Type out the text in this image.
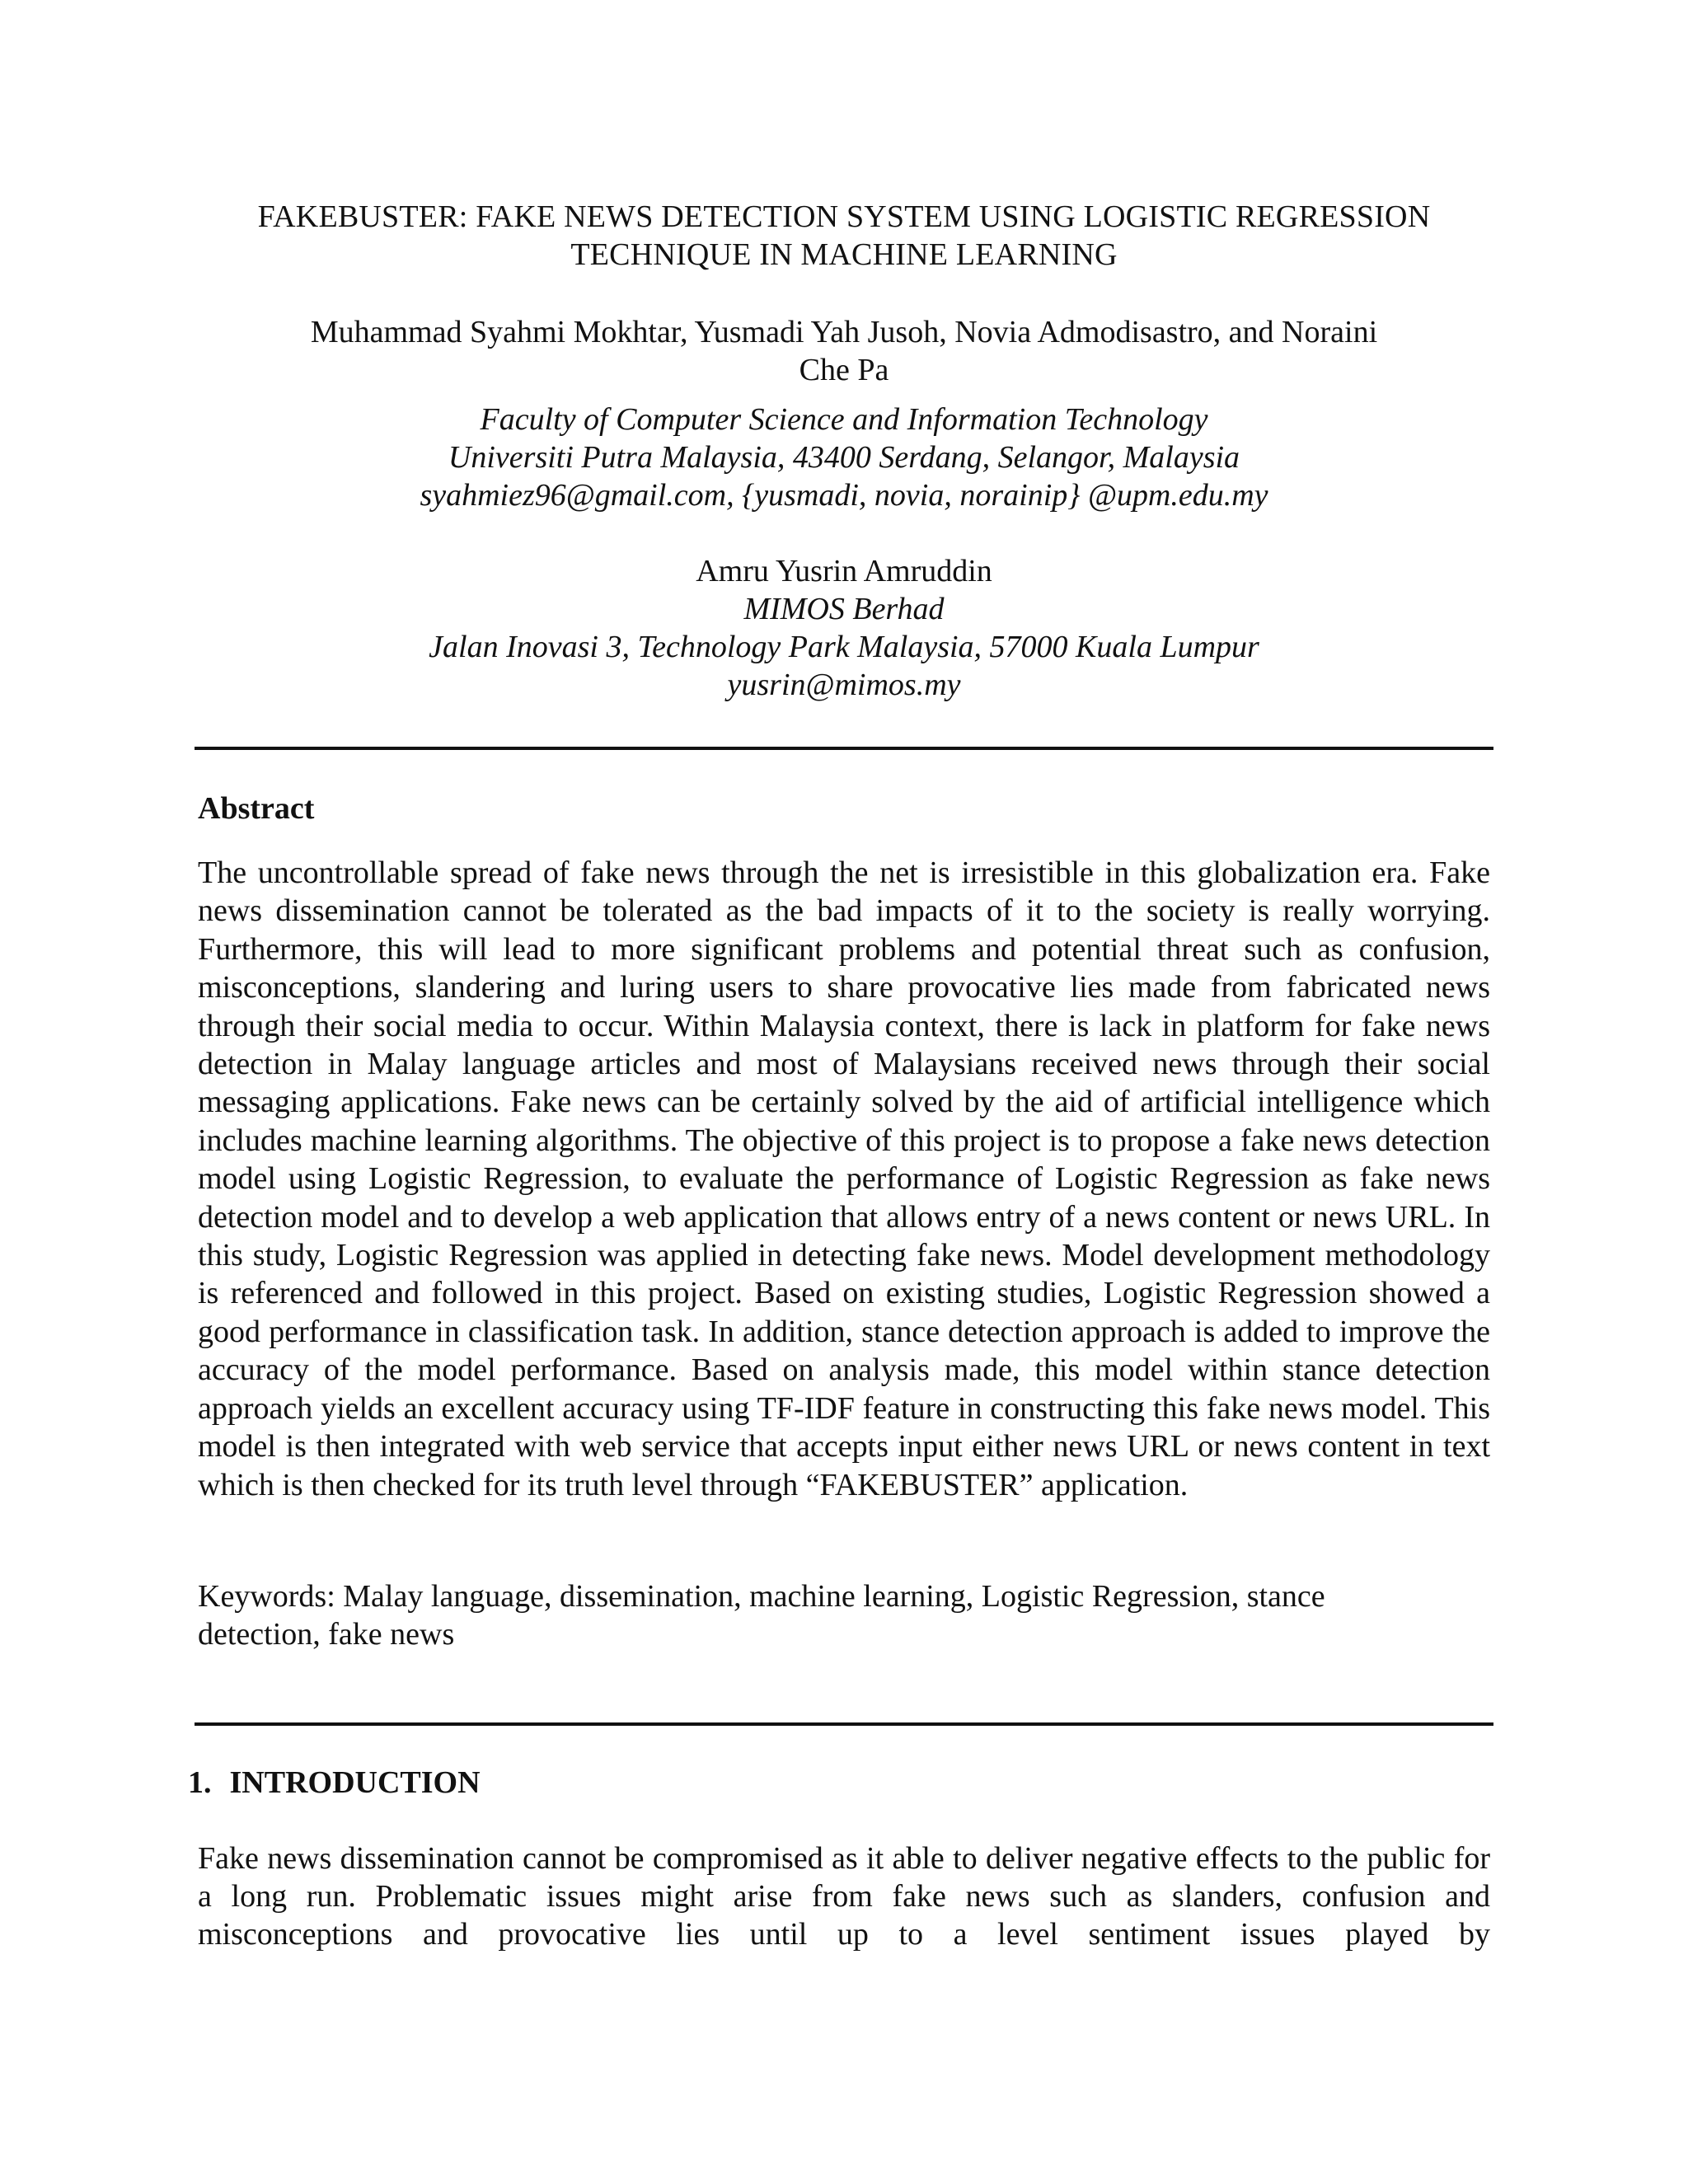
FAKEBUSTER: FAKE NEWS DETECTION SYSTEM USING LOGISTIC REGRESSION
TECHNIQUE IN MACHINE LEARNING
Muhammad Syahmi Mokhtar, Yusmadi Yah Jusoh, Novia Admodisastro, and Noraini
Che Pa
Faculty of Computer Science and Information Technology
Universiti Putra Malaysia, 43400 Serdang, Selangor, Malaysia
syahmiez96@gmail.com, {yusmadi, novia, norainip} @upm.edu.my
Amru Yusrin Amruddin
MIMOS Berhad
Jalan Inovasi 3, Technology Park Malaysia, 57000 Kuala Lumpur
yusrin@mimos.my
Abstract
The uncontrollable spread of fake news through the net is irresistible in this globalization era. Fake news dissemination cannot be tolerated as the bad impacts of it to the society is really worrying. Furthermore, this will lead to more significant problems and potential threat such as confusion, misconceptions, slandering and luring users to share provocative lies made from fabricated news through their social media to occur. Within Malaysia context, there is lack in platform for fake news detection in Malay language articles and most of Malaysians received news through their social messaging applications. Fake news can be certainly solved by the aid of artificial intelligence which includes machine learning algorithms. The objective of this project is to propose a fake news detection model using Logistic Regression, to evaluate the performance of Logistic Regression as fake news detection model and to develop a web application that allows entry of a news content or news URL. In this study, Logistic Regression was applied in detecting fake news. Model development methodology is referenced and followed in this project. Based on existing studies, Logistic Regression showed a good performance in classification task. In addition, stance detection approach is added to improve the accuracy of the model performance. Based on analysis made, this model within stance detection approach yields an excellent accuracy using TF-IDF feature in constructing this fake news model. This model is then integrated with web service that accepts input either news URL or news content in text which is then checked for its truth level through “FAKEBUSTER” application.
Keywords: Malay language, dissemination, machine learning, Logistic Regression, stance
detection, fake news
1. INTRODUCTION
Fake news dissemination cannot be compromised as it able to deliver negative effects to the public for a long run. Problematic issues might arise from fake news such as slanders, confusion and misconceptions and provocative lies until up to a level sentiment issues played by
